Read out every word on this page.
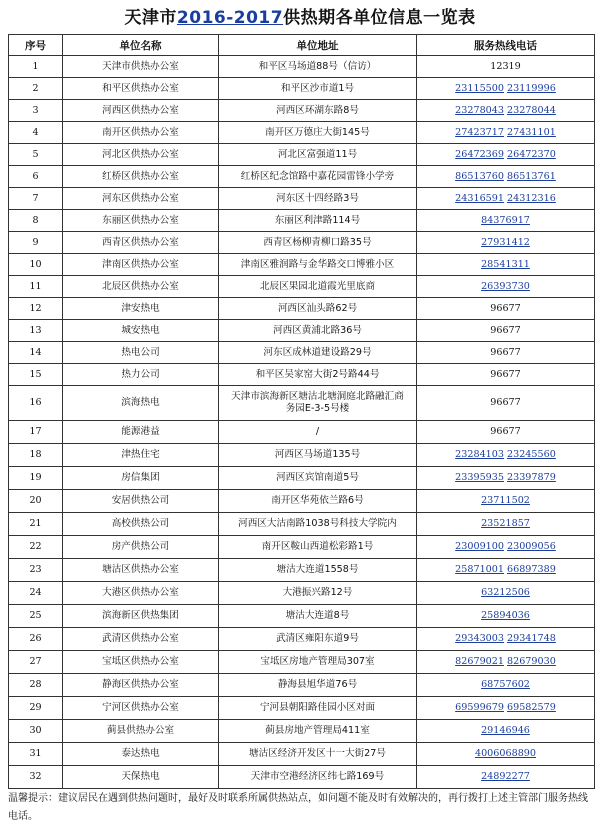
天津市2016-2017供热期各单位信息一览表
序号	单位名称	单位地址	服务热线电话
1	天津市供热办公室	和平区马场道88号（信访）	12319
2	和平区供热办公室	和平区沙市道1号	23115500 23119996
3	河西区供热办公室	河西区环湖东路8号	23278043 23278044
4	南开区供热办公室	南开区万德庄大街145号	27423717 27431101
5	河北区供热办公室	河北区富强道11号	26472369 26472370
6	红桥区供热办公室	红桥区纪念馆路中嘉花园雷锋小学旁	86513760 86513761
7	河东区供热办公室	河东区十四经路3号	24316591 24312316
8	东丽区供热办公室	东丽区利津路114号	84376917
9	西青区供热办公室	西青区杨柳青柳口路35号	27931412
10	津南区供热办公室	津南区雅润路与金华路交口博雅小区	28541311
11	北辰区供热办公室	北辰区果园北道霞光里底商	26393730
12	津安热电	河西区汕头路62号	96677
13	城安热电	河西区黄浦北路36号	96677
14	热电公司	河东区成林道建设路29号	96677
15	热力公司	和平区吴家窑大街2号路44号	96677
16	滨海热电	天津市滨海新区塘沽北塘洞庭北路融汇商务园E-3-5号楼	96677
17	能源港益	/	96677
18	津热住宅	河西区马场道135号	23284103 23245560
19	房信集团	河西区宾馆南道5号	23395935 23397879
20	安居供热公司	南开区华苑依兰路6号	23711502
21	高校供热公司	河西区大沽南路1038号科技大学院内	23521857
22	房产供热公司	南开区鞍山西道松彩路1号	23009100 23009056
23	塘沽区供热办公室	塘沽大连道1558号	25871001 66897389
24	大港区供热办公室	大港振兴路12号	63212506
25	滨海新区供热集团	塘沽大连道8号	25894036
26	武清区供热办公室	武清区雍阳东道9号	29343003 29341748
27	宝坻区供热办公室	宝坻区房地产管理局307室	82679021 82679030
28	静海区供热办公室	静海县旭华道76号	68757602
29	宁河区供热办公室	宁河县朝阳路佳园小区对面	69599679 69582579
30	蓟县供热办公室	蓟县房地产管理局411室	29146946
31	泰达热电	塘沽区经济开发区十一大街27号	4006068890
32	天保热电	天津市空港经济区纬七路169号	24892277
温馨提示：建议居民在遇到供热问题时，最好及时联系所属供热站点，如问题不能及时有效解决的，再行拨打上述主管部门服务热线电话。
